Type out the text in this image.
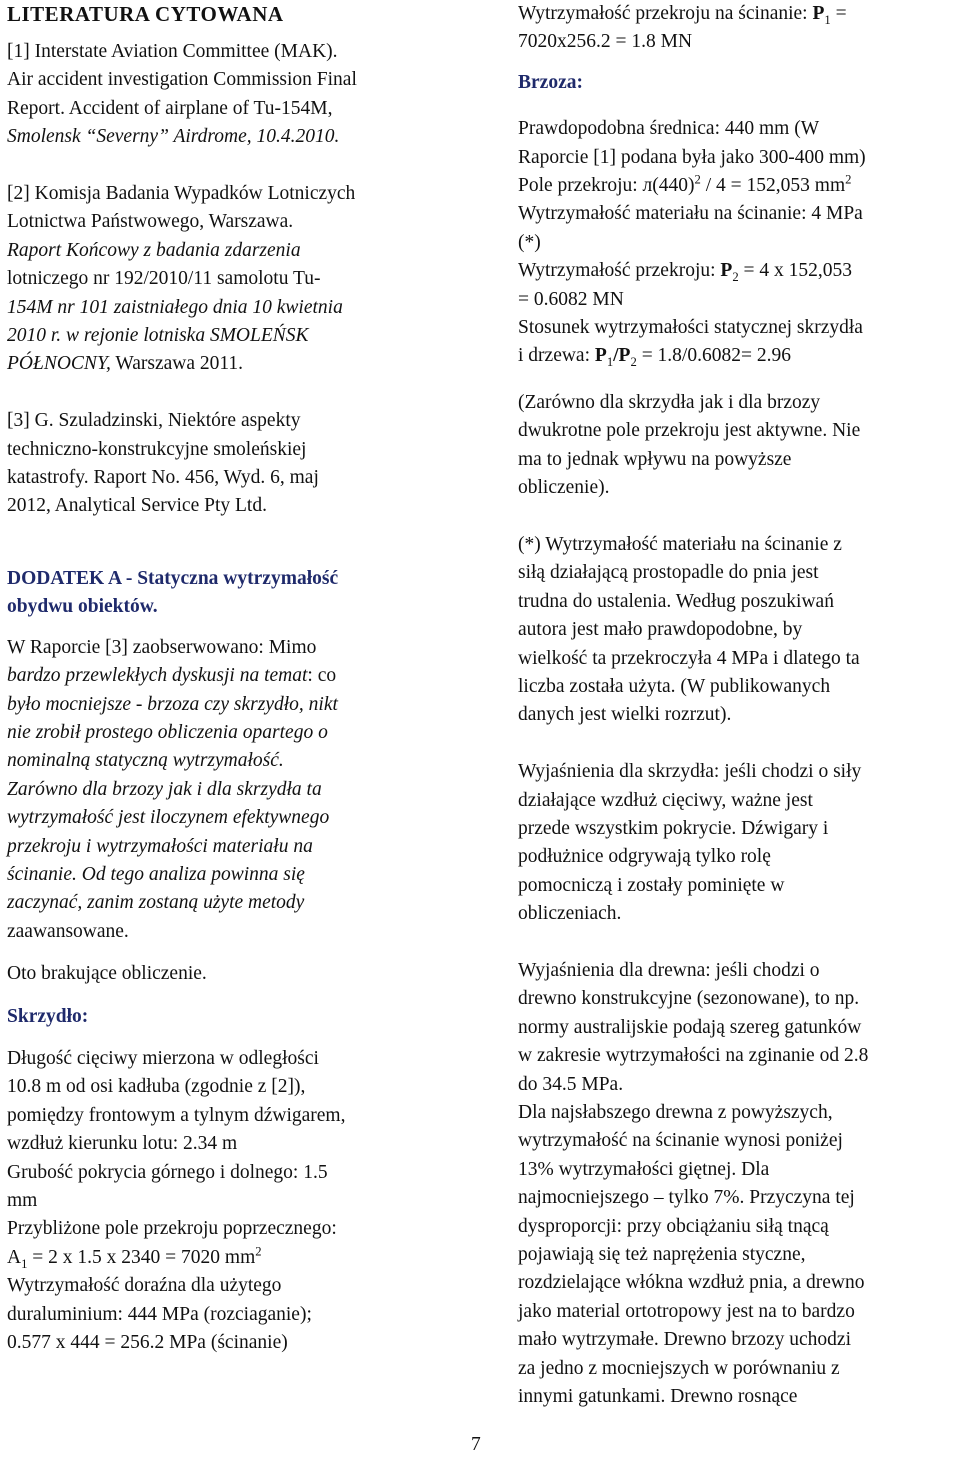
LITERATURA CYTOWANA
[1] Interstate Aviation Committee (MAK).
Air accident investigation Commission Final
Report. Accident of airplane of Tu-154M,
Smolensk “Severny” Airdrome, 10.4.2010.
[2] Komisja Badania Wypadków Lotniczych
Lotnictwa Państwowego, Warszawa.
Raport Końcowy z badania zdarzenia
lotniczego nr 192/2010/11 samolotu Tu-
154M nr 101 zaistniałego dnia 10 kwietnia
2010 r. w rejonie lotniska SMOLEŃSK
PÓŁNOCNY, Warszawa 2011.
[3] G. Szuladzinski, Niektóre aspekty
techniczno-konstrukcyjne smoleńskiej
katastrofy. Raport No. 456, Wyd. 6, maj
2012, Analytical Service Pty Ltd.
DODATEK A - Statyczna wytrzymałość
obydwu obiektów.
W Raporcie [3] zaobserwowano: Mimo
bardzo przewlekłych dyskusji na temat: co
było mocniejsze - brzoza czy skrzydło, nikt
nie zrobił prostego obliczenia opartego o
nominalną statyczną wytrzymałość.
Zarówno dla brzozy jak i dla skrzydła ta
wytrzymałość jest iloczynem efektywnego
przekroju i wytrzymałości materiału na
ścinanie. Od tego analiza powinna się
zaczynać, zanim zostaną użyte metody
zaawansowane.
Oto brakujące obliczenie.
Skrzydło:
Długość cięciwy mierzona w odległości
10.8 m od osi kadłuba (zgodnie z [2]),
pomiędzy frontowym a tylnym dźwigarem,
wzdłuż kierunku lotu: 2.34 m
Grubość pokrycia górnego i dolnego: 1.5
mm
Przybliżone pole przekroju poprzecznego:
$A_1 = 2$ x 1.5 x 2340 = 7020 $mm^2$
Wytrzymałość doraźna dla użytego
duraluminium: 444 MPa (rozciaganie);
0.577 x 444 = 256.2 MPa (ścinanie)
Wytrzymałość przekroju na ścinanie: $P_1$ =
7020x256.2 = 1.8 MN
Brzoza:
Prawdopodobna średnica: 440 mm (W
Raporcie [1] podana była jako 300-400 mm)
Pole przekroju: $л(440)^2 / 4 = 152,053$ $mm^2$
Wytrzymałość materiału na ścinanie: 4 MPa
(*)
Wytrzymałość przekroju: $P_2 = 4$ x 152,053
= 0.6082 MN
Stosunek wytrzymałości statycznej skrzydła
i drzewa: $P_1/P_2 = 1.8/0.6082= 2.96$
(Zarówno dla skrzydła jak i dla brzozy
dwukrotne pole przekroju jest aktywne. Nie
ma to jednak wpływu na powyższe
obliczenie).
(*) Wytrzymałość materiału na ścinanie z
siłą działającą prostopadle do pnia jest
trudna do ustalenia. Według poszukiwań
autora jest mało prawdopodobne, by
wielkość ta przekroczyła 4 MPa i dlatego ta
liczba została użyta. (W publikowanych
danych jest wielki rozrzut).
Wyjaśnienia dla skrzydła: jeśli chodzi o siły
działające wzdłuż cięciwy, ważne jest
przede wszystkim pokrycie. Dźwigary i
podłużnice odgrywają tylko rolę
pomocniczą i zostały pominięte w
obliczeniach.
Wyjaśnienia dla drewna: jeśli chodzi o
drewno konstrukcyjne (sezonowane), to np.
normy australijskie podają szereg gatunków
w zakresie wytrzymałości na zginanie od 2.8
do 34.5 MPa.
Dla najsłabszego drewna z powyższych,
wytrzymałość na ścinanie wynosi poniżej
13% wytrzymałości giętnej. Dla
najmocniejszego – tylko 7%. Przyczyna tej
dysproporcji: przy obciążaniu siłą tnącą
pojawiają się też naprężenia styczne,
rozdzielające włókna wzdłuż pnia, a drewno
jako material ortotropowy jest na to bardzo
mało wytrzymałe. Drewno brzozy uchodzi
za jedno z mocniejszych w porównaniu z
innymi gatunkami. Drewno rosnące
7
